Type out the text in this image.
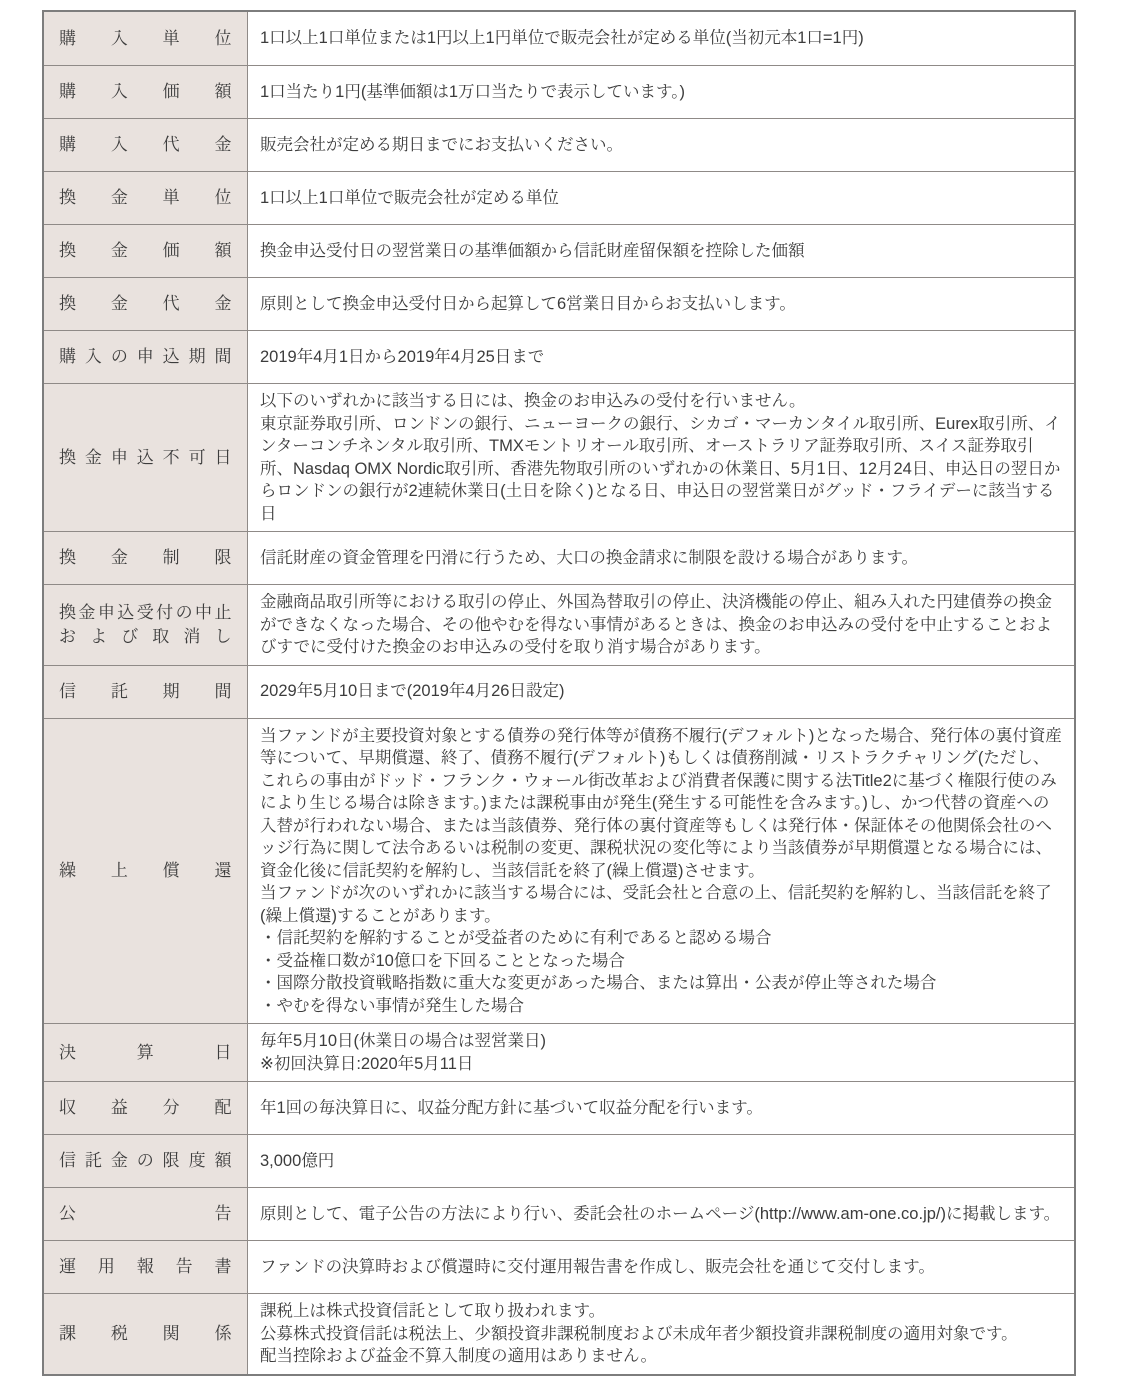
購入単位 1口以上1口単位または1円以上1円単位で販売会社が定める単位(当初元本1口=1円)
購入価額 1口当たり1円(基準価額は1万口当たりで表示しています。)
購入代金 販売会社が定める期日までにお支払いください。
換金単位 1口以上1口単位で販売会社が定める単位
換金価額 換金申込受付日の翌営業日の基準価額から信託財産留保額を控除した価額
換金代金 原則として換金申込受付日から起算して6営業日目からお支払いします。
購入の申込期間 2019年4月1日から2019年4月25日まで
換金申込不可日
以下のいずれかに該当する日には、換金のお申込みの受付を行いません。
東京証券取引所、ロンドンの銀行、ニューヨークの銀行、シカゴ・マーカンタイル取引所、Eurex取引所、インターコンチネンタル取引所、TMXモントリオール取引所、オーストラリア証券取引所、スイス証券取引所、Nasdaq OMX Nordic取引所、香港先物取引所のいずれかの休業日、5月1日、12月24日、申込日の翌日からロンドンの銀行が2連続休業日(土日を除く)となる日、申込日の翌営業日がグッド・フライデーに該当する日
換金制限 信託財産の資金管理を円滑に行うため、大口の換金請求に制限を設ける場合があります。
換金申込受付の中止
および取消し
金融商品取引所等における取引の停止、外国為替取引の停止、決済機能の停止、組み入れた円建債券の換金ができなくなった場合、その他やむを得ない事情があるときは、換金のお申込みの受付を中止することおよびすでに受付けた換金のお申込みの受付を取り消す場合があります。
信託期間 2029年5月10日まで(2019年4月26日設定)
繰上償還
当ファンドが主要投資対象とする債券の発行体等が債務不履行(デフォルト)となった場合、発行体の裏付資産等について、早期償還、終了、債務不履行(デフォルト)もしくは債務削減・リストラクチャリング(ただし、これらの事由がドッド・フランク・ウォール街改革および消費者保護に関する法Title2に基づく権限行使のみにより生じる場合は除きます。)または課税事由が発生(発生する可能性を含みます。)し、かつ代替の資産への入替が行われない場合、または当該債券、発行体の裏付資産等もしくは発行体・保証体その他関係会社のヘッジ行為に関して法令あるいは税制の変更、課税状況の変化等により当該債券が早期償還となる場合には、資金化後に信託契約を解約し、当該信託を終了(繰上償還)させます。
当ファンドが次のいずれかに該当する場合には、受託会社と合意の上、信託契約を解約し、当該信託を終了(繰上償還)することがあります。
・信託契約を解約することが受益者のために有利であると認める場合
・受益権口数が10億口を下回ることとなった場合
・国際分散投資戦略指数に重大な変更があった場合、または算出・公表が停止等された場合
・やむを得ない事情が発生した場合
決算日
毎年5月10日(休業日の場合は翌営業日)
※初回決算日:2020年5月11日
収益分配 年1回の毎決算日に、収益分配方針に基づいて収益分配を行います。
信託金の限度額 3,000億円
公告 原則として、電子公告の方法により行い、委託会社のホームページ(http://www.am-one.co.jp/)に掲載します。
運用報告書 ファンドの決算時および償還時に交付運用報告書を作成し、販売会社を通じて交付します。
課税関係
課税上は株式投資信託として取り扱われます。
公募株式投資信託は税法上、少額投資非課税制度および未成年者少額投資非課税制度の適用対象です。
配当控除および益金不算入制度の適用はありません。
